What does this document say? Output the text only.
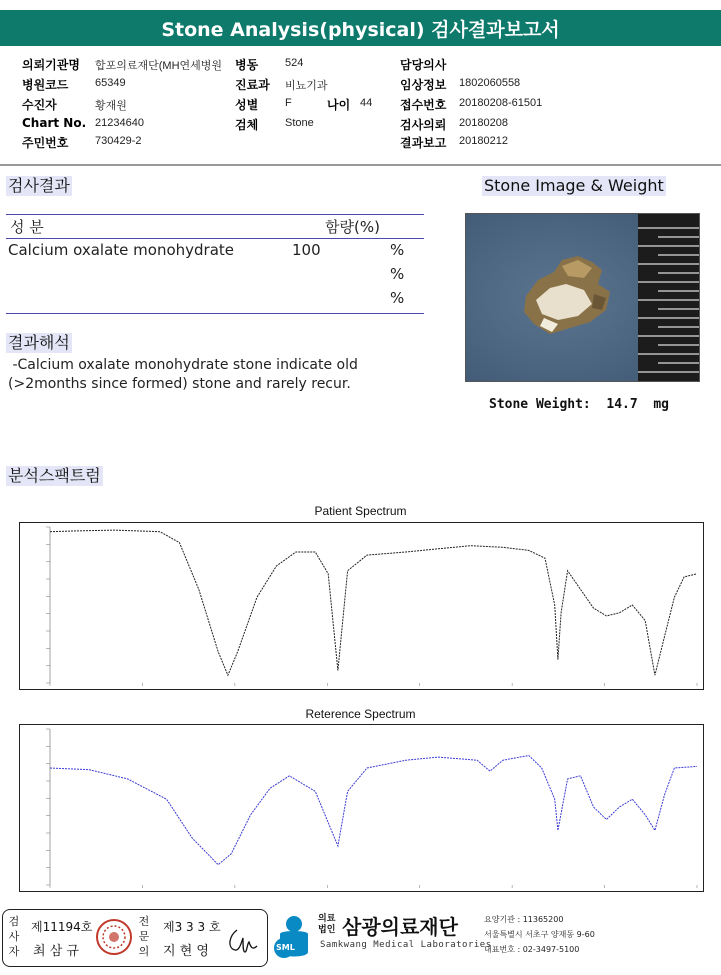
Stone Analysis(physical) 검사결과보고서
의뢰기관명 합포의료재단(MH연세병원 병동 524	담당의사
병원코드 65349	진료과 비뇨기과	임상정보 1802060558
수진자	황재원	성별 F	나이 44 접수번호 20180208-61501
Chart No. 21234640	검체 Stone	검사의뢰 20180208
주민번호 730429-2	결과보고 20180212
검사결과
성 분	함량(%)
Calcium oxalate monohydrate	100	%
%
%
결과해석
-Calcium oxalate monohydrate stone indicate old
(>2months since formed) stone and rarely recur.
Stone Image & Weight
Stone Weight:  14.7  mg
분석스팩트럼
Patient Spectrum
Reterence Spectrum
검사자
제11194호
최 삼 규
전문의
제3 3 3 호
지 현 영	SML
의료법인 삼광의료재단
Samkwang Medical Laboratories
요양기관 : 11365200
서울특별시 서초구 양재동 9-60
대표번호 : 02-3497-5100
